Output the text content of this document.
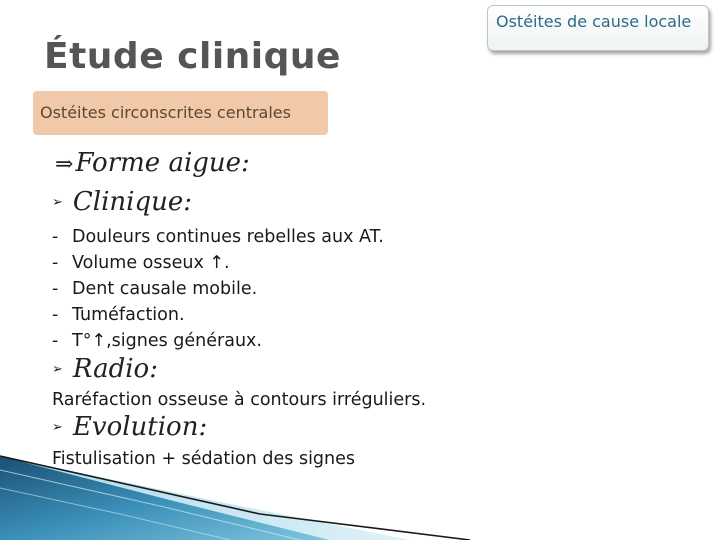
Ostéites de cause locale
Étude clinique
Ostéites circonscrites centrales
⇒Forme aigue:
➢ Clinique:
- Douleurs continues rebelles aux AT.
- Volume osseux ↑.
- Dent causale mobile.
- Tuméfaction.
- T°↑,signes généraux.
➢ Radio:
Raréfaction osseuse à contours irréguliers.
➢ Evolution:
Fistulisation + sédation des signes
